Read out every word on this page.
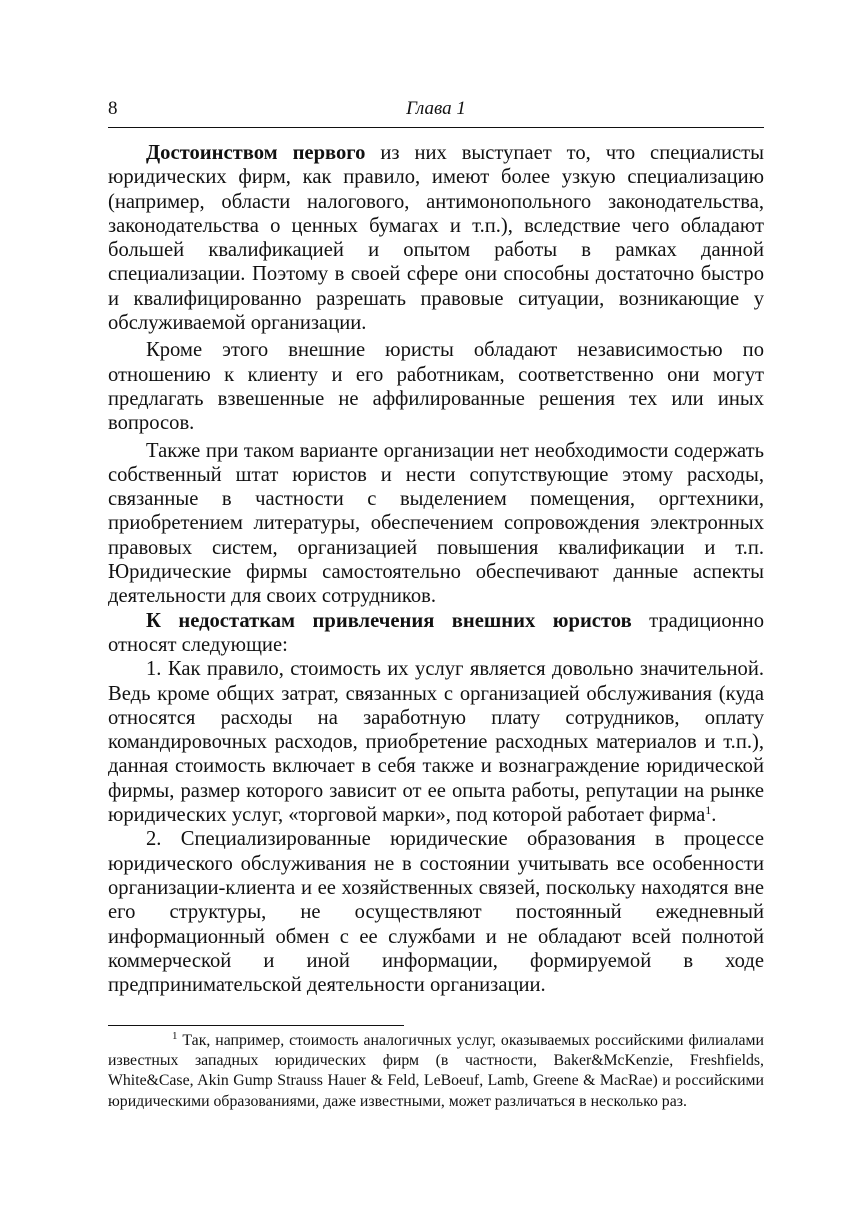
8	Глава 1

Достоинством первого из них выступает то, что специалисты юридических фирм, как правило, имеют более узкую специализацию (например, области налогового, антимонопольного законодательства, законодательства о ценных бумагах и т.п.), вследствие чего обладают большей квалификацией и опытом работы в рамках данной специализации. Поэтому в своей сфере они способны достаточно быстро и квалифицированно разрешать правовые ситуации, возникающие у обслуживаемой организации.

Кроме этого внешние юристы обладают независимостью по отношению к клиенту и его работникам, соответственно они могут предлагать взвешенные не аффилированные решения тех или иных вопросов.

Также при таком варианте организации нет необходимости содержать собственный штат юристов и нести сопутствующие этому расходы, связанные в частности с выделением помещения, оргтехники, приобретением литературы, обеспечением сопровождения электронных правовых систем, организацией повышения квалификации и т.п. Юридические фирмы самостоятельно обеспечивают данные аспекты деятельности для своих сотрудников.

К недостаткам привлечения внешних юристов традиционно относят следующие:

1. Как правило, стоимость их услуг является довольно значительной. Ведь кроме общих затрат, связанных с организацией обслуживания (куда относятся расходы на заработную плату сотрудников, оплату командировочных расходов, приобретение расходных материалов и т.п.), данная стоимость включает в себя также и вознаграждение юридической фирмы, размер которого зависит от ее опыта работы, репутации на рынке юридических услуг, «торговой марки», под которой работает фирма$^1$.

2. Специализированные юридические образования в процессе юридического обслуживания не в состоянии учитывать все особенности организации-клиента и ее хозяйственных связей, поскольку находятся вне его структуры, не осуществляют постоянный ежедневный информационный обмен с ее службами и не обладают всей полнотой коммерческой и иной информации, формируемой в ходе предпринимательской деятельности организации.

$^1$ Так, например, стоимость аналогичных услуг, оказываемых российскими филиалами известных западных юридических фирм (в частности, Baker&McKenzie, Freshfields, White&Case, Akin Gump Strauss Hauer & Feld, LeBoeuf, Lamb, Greene & MacRae) и российскими юридическими образованиями, даже известными, может различаться в несколько раз.
